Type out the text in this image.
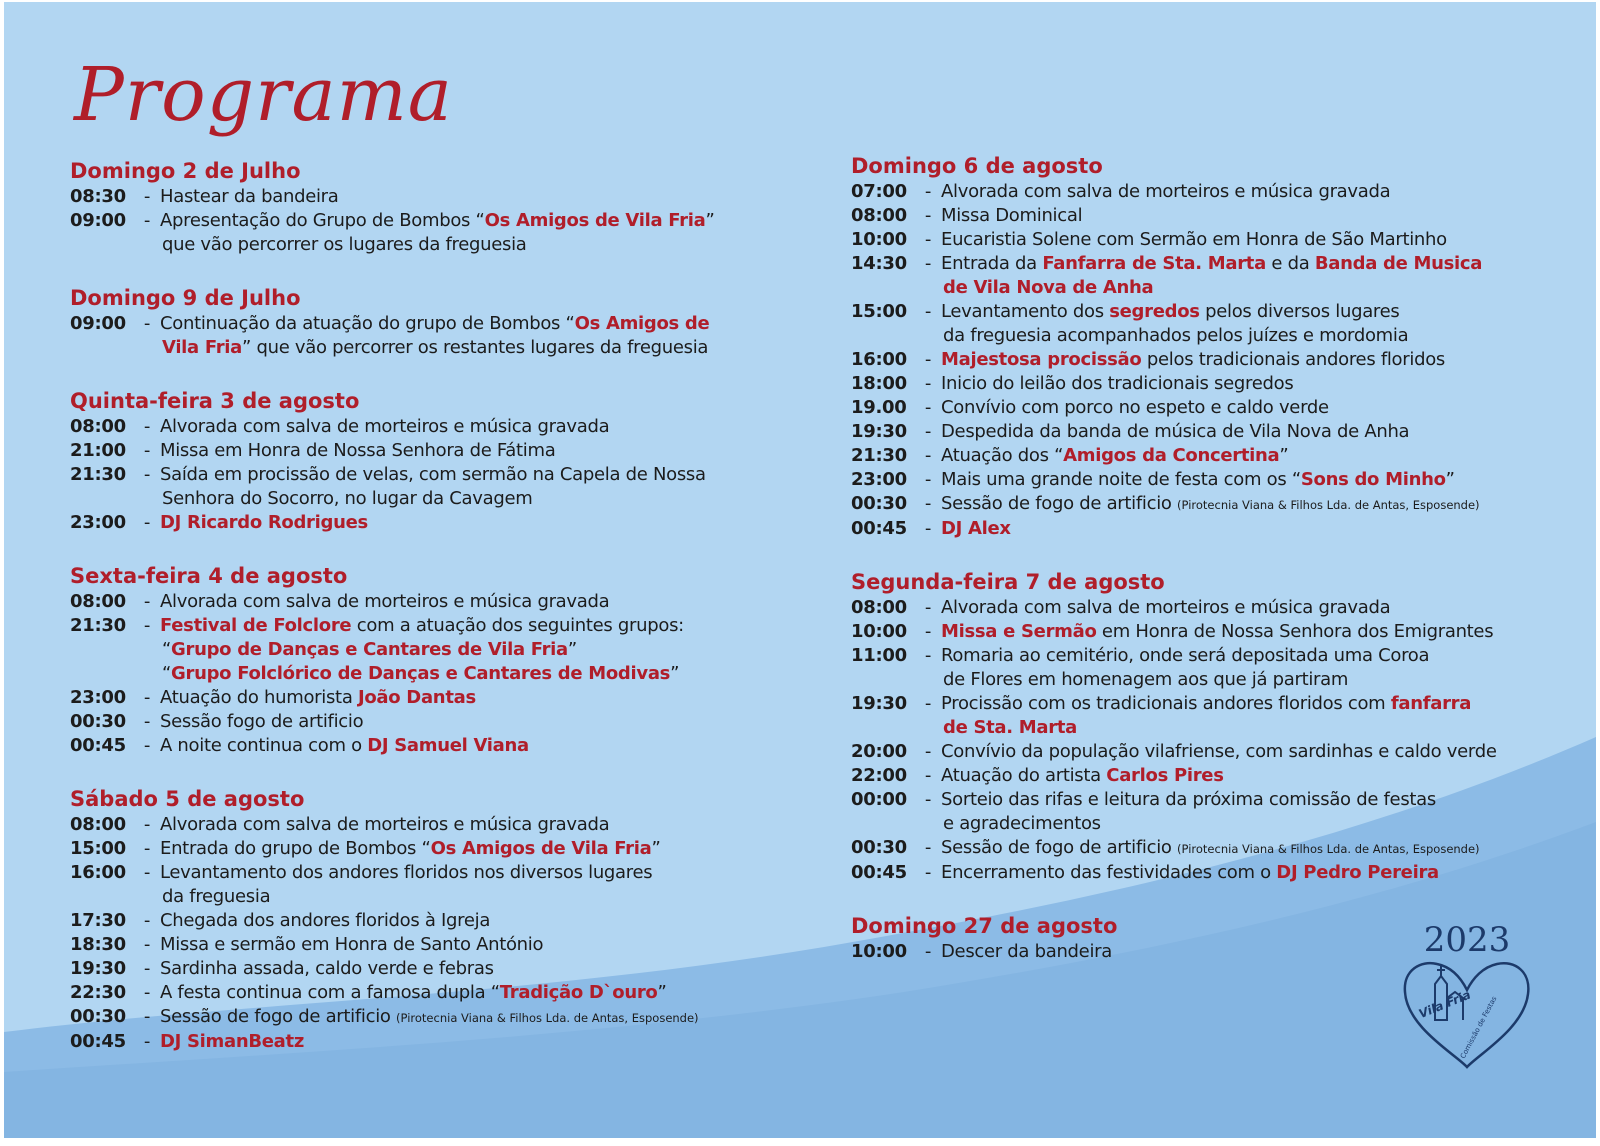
Programa
Domingo 2 de Julho
08:30	- Hastear da bandeira
09:00	- Apresentação do Grupo de Bombos “Os Amigos de Vila Fria”
que vão percorrer os lugares da freguesia
Domingo 9 de Julho
09:00	- Continuação da atuação do grupo de Bombos “Os Amigos de
Vila Fria” que vão percorrer os restantes lugares da freguesia
Quinta-feira 3 de agosto
08:00	- Alvorada com salva de morteiros e música gravada
21:00	- Missa em Honra de Nossa Senhora de Fátima
21:30	- Saída em procissão de velas, com sermão na Capela de Nossa
Senhora do Socorro, no lugar da Cavagem
23:00	- DJ Ricardo Rodrigues
Sexta-feira 4 de agosto
08:00	- Alvorada com salva de morteiros e música gravada
21:30	- Festival de Folclore com a atuação dos seguintes grupos:
“Grupo de Danças e Cantares de Vila Fria”
“Grupo Folclórico de Danças e Cantares de Modivas”
23:00	- Atuação do humorista João Dantas
00:30	- Sessão fogo de artificio
00:45	- A noite continua com o DJ Samuel Viana
Sábado 5 de agosto
08:00	- Alvorada com salva de morteiros e música gravada
15:00	- Entrada do grupo de Bombos “Os Amigos de Vila Fria”
16:00	- Levantamento dos andores floridos nos diversos lugares
da freguesia
17:30	- Chegada dos andores floridos à Igreja
18:30	- Missa e sermão em Honra de Santo António
19:30	- Sardinha assada, caldo verde e febras
22:30	- A festa continua com a famosa dupla “Tradição D`ouro”
00:30	- Sessão de fogo de artificio (Pirotecnia Viana & Filhos Lda. de Antas, Esposende)
00:45	- DJ SimanBeatz
Domingo 6 de agosto
07:00	- Alvorada com salva de morteiros e música gravada
08:00	- Missa Dominical
10:00	- Eucaristia Solene com Sermão em Honra de São Martinho
14:30	- Entrada da Fanfarra de Sta. Marta e da Banda de Musica
de Vila Nova de Anha
15:00	- Levantamento dos segredos pelos diversos lugares
da freguesia acompanhados pelos juízes e mordomia
16:00	- Majestosa procissão pelos tradicionais andores floridos
18:00	- Inicio do leilão dos tradicionais segredos
19.00	- Convívio com porco no espeto e caldo verde
19:30	- Despedida da banda de música de Vila Nova de Anha
21:30	- Atuação dos “Amigos da Concertina”
23:00	- Mais uma grande noite de festa com os “Sons do Minho”
00:30	- Sessão de fogo de artificio (Pirotecnia Viana & Filhos Lda. de Antas, Esposende)
00:45	- DJ Alex
Segunda-feira 7 de agosto
08:00	- Alvorada com salva de morteiros e música gravada
10:00	- Missa e Sermão em Honra de Nossa Senhora dos Emigrantes
11:00	- Romaria ao cemitério, onde será depositada uma Coroa
de Flores em homenagem aos que já partiram
19:30	- Procissão com os tradicionais andores floridos com fanfarra
de Sta. Marta
20:00	- Convívio da população vilafriense, com sardinhas e caldo verde
22:00	- Atuação do artista Carlos Pires
00:00	- Sorteio das rifas e leitura da próxima comissão de festas
e agradecimentos
00:30	- Sessão de fogo de artificio (Pirotecnia Viana & Filhos Lda. de Antas, Esposende)
00:45	- Encerramento das festividades com o DJ Pedro Pereira
Domingo 27 de agosto
10:00	- Descer da bandeira	2023
Vila Fria
Comissão de Festas
